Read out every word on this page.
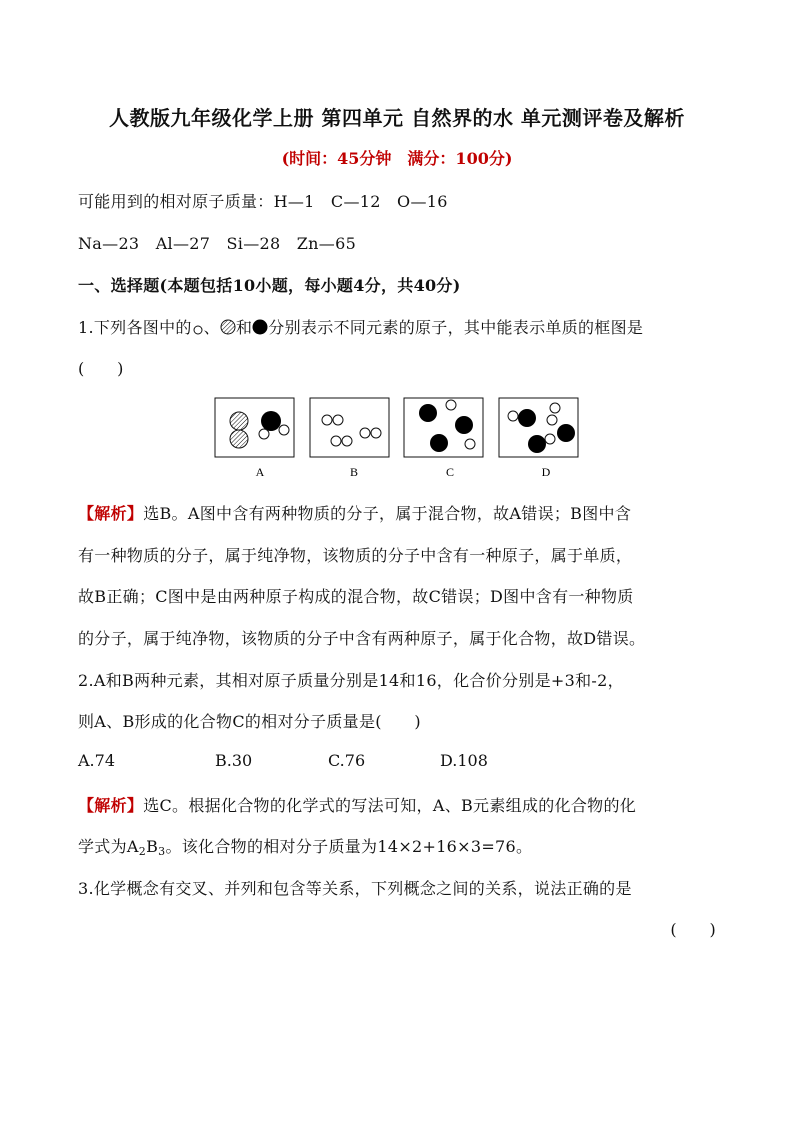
人教版九年级化学上册 第四单元 自然界的水 单元测评卷及解析
(时间：45分钟　满分：100分)
可能用到的相对原子质量：H—1　C—12　O—16
Na—23　Al—27　Si—28　Zn—65
一、选择题(本题包括10小题，每小题4分，共40分)
1.下列各图中的 、 和 分别表示不同元素的原子，其中能表示单质的框图是
(　　)
A	B	C	D
【解析】选B。A图中含有两种物质的分子，属于混合物，故A错误；B图中含
有一种物质的分子，属于纯净物，该物质的分子中含有一种原子，属于单质，
故B正确；C图中是由两种原子构成的混合物，故C错误；D图中含有一种物质
的分子，属于纯净物，该物质的分子中含有两种原子，属于化合物，故D错误。
2.A和B两种元素，其相对原子质量分别是14和16，化合价分别是+3和-2，
则A、B形成的化合物C的相对分子质量是(　　)
A.74	B.30	C.76	D.108
【解析】选C。根据化合物的化学式的写法可知，A、B元素组成的化合物的化
学式为$A_2B_3$。该化合物的相对分子质量为14×2+16×3=76。
3.化学概念有交叉、并列和包含等关系，下列概念之间的关系，说法正确的是
(　　)
